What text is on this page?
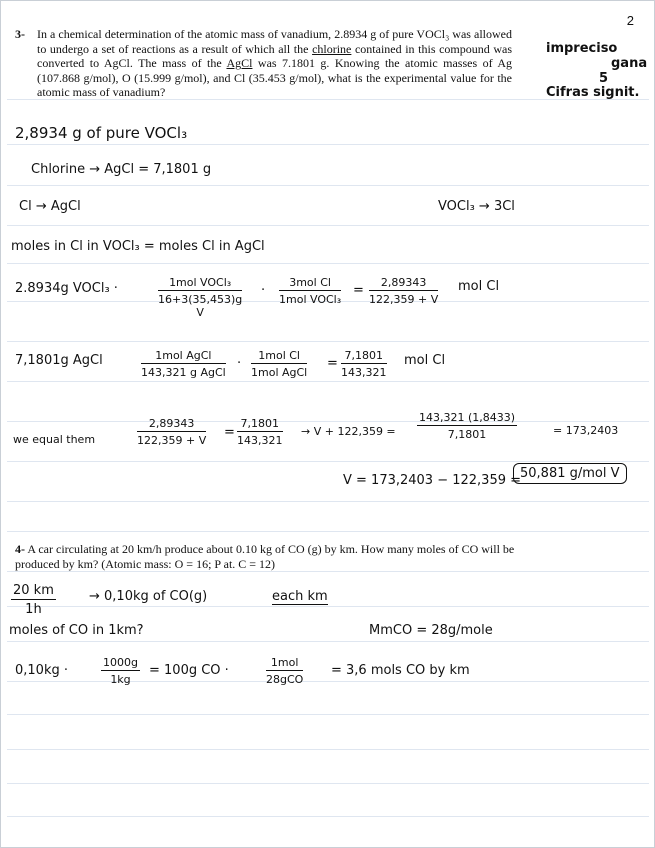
2
3- In a chemical determination of the atomic mass of vanadium, 2.8934 g of pure VOCl₃ was allowed to undergo a set of reactions as a result of which all the chlorine contained in this compound was converted to AgCl. The mass of the AgCl was 7.1801 g. Knowing the atomic masses of Ag (107.868 g/mol), O (15.999 g/mol), and Cl (35.453 g/mol), what is the experimental value for the atomic mass of vanadium?
impreciso
gana
5
Cifras signit.
2,8934 g of pure VOCl₃
Chlorine → AgCl = 7,1801 g
Cl → AgCl	VOCl₃ → 3Cl
moles in Cl in VOCl₃ = moles Cl in AgCl
2.8934g VOCl₃ ·	1mol VOCl₃
16+3(35,453)g
V
·
3mol Cl
1mol VOCl₃
= $\frac{2,89343}{122,359 + V}$ mol Cl
7,1801g AgCl	1mol AgCl
143,321 g AgCl
·
1mol Cl
1mol AgCl
= $\frac{7,1801}{143,321}$ mol Cl
we equal them	$\frac{2,89343}{122,359 + V} = \frac{7,1801}{143,321} \to V + 122,359 = \frac{143,321 (1,8433)}{7,1801}$	= 173,2403
V = 173,2403 − 122,359 =
50,881 g/mol V
4- A car circulating at 20 km/h produce about 0.10 kg of CO (g) by km. How many moles of CO will be produced by km? (Atomic mass: O = 16; P at. C = 12)
$\frac{20 km}{1h}$	→ 0,10kg of CO(g)	each km
moles of CO in 1km?	MmCO = 28g/mole
0,10kg ·	$\frac{1000g}{1kg} = 100g$ CO ·
1mol
28gCO
= 3,6 mols CO by km
